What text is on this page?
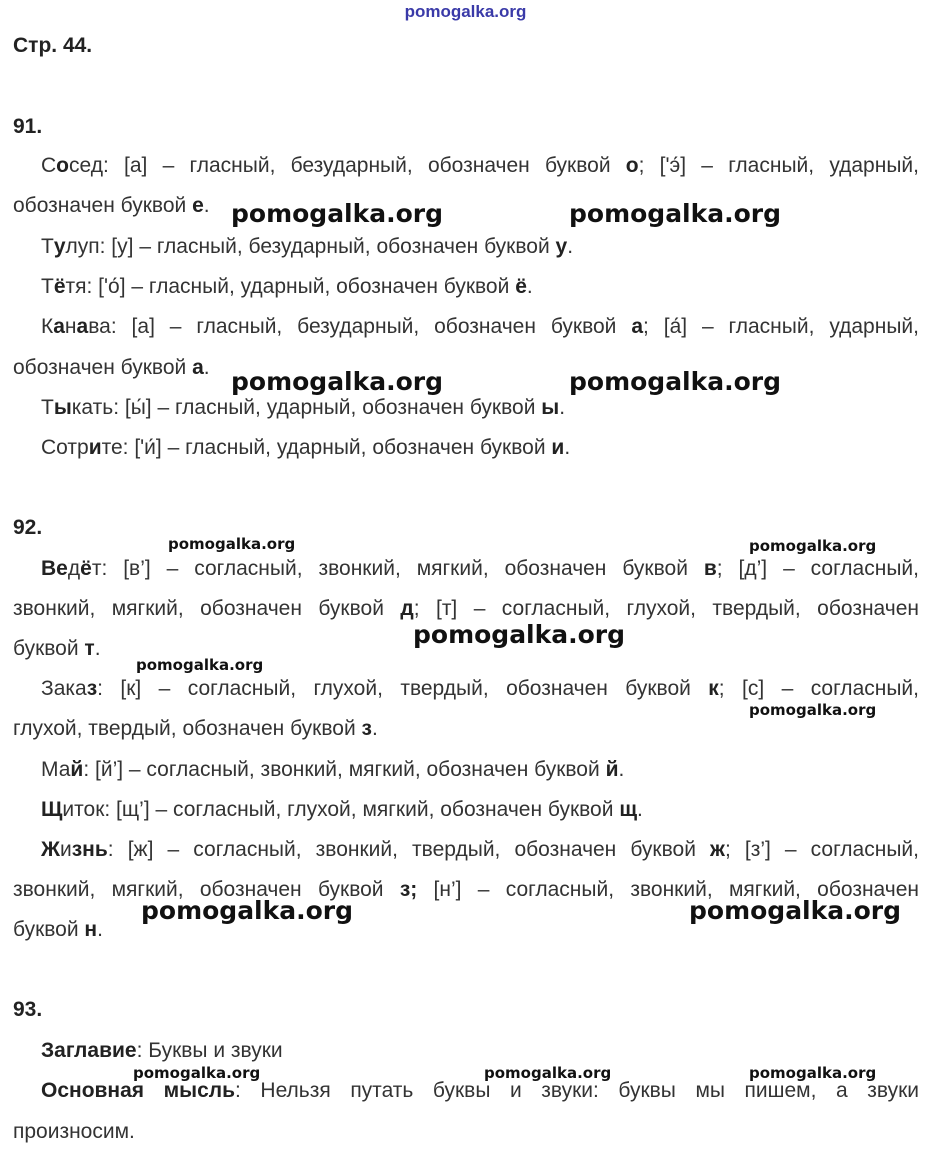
pomogalka.org
Стр. 44.
91.
Сосед: [а] – гласный, безударный, обозначен буквой о; [ʹэ́] – гласный, ударный,
обозначен буквой е.
Тулуп: [у] – гласный, безударный, обозначен буквой у.
Тётя: [ʹо́] – гласный, ударный, обозначен буквой ё.
Канава: [а] – гласный, безударный, обозначен буквой а; [а́] – гласный, ударный,
обозначен буквой а.
Тыкать: [ы́] – гласный, ударный, обозначен буквой ы.
Сотрите: [ʹи́] – гласный, ударный, обозначен буквой и.
92.
Ведёт: [в’] – согласный, звонкий, мягкий, обозначен буквой в; [д’] – согласный,
звонкий, мягкий, обозначен буквой д; [т] – согласный, глухой, твердый, обозначен
буквой т.
Заказ: [к] – согласный, глухой, твердый, обозначен буквой к; [с] – согласный,
глухой, твердый, обозначен буквой з.
Май: [й’] – согласный, звонкий, мягкий, обозначен буквой й.
Щиток: [щ’] – согласный, глухой, мягкий, обозначен буквой щ.
Жизнь: [ж] – согласный, звонкий, твердый, обозначен буквой ж; [з’] – согласный,
звонкий, мягкий, обозначен буквой з; [н’] – согласный, звонкий, мягкий, обозначен
буквой н.
93.
Заглавие: Буквы и звуки
Основная мысль: Нельзя путать буквы и звуки: буквы мы пишем, а звуки
произносим.
pomogalka.org	pomogalka.org
pomogalka.org	pomogalka.org
pomogalka.org	pomogalka.org
pomogalka.org
pomogalka.org
pomogalka.org
pomogalka.org	pomogalka.org
pomogalka.org	pomogalka.org	pomogalka.org
